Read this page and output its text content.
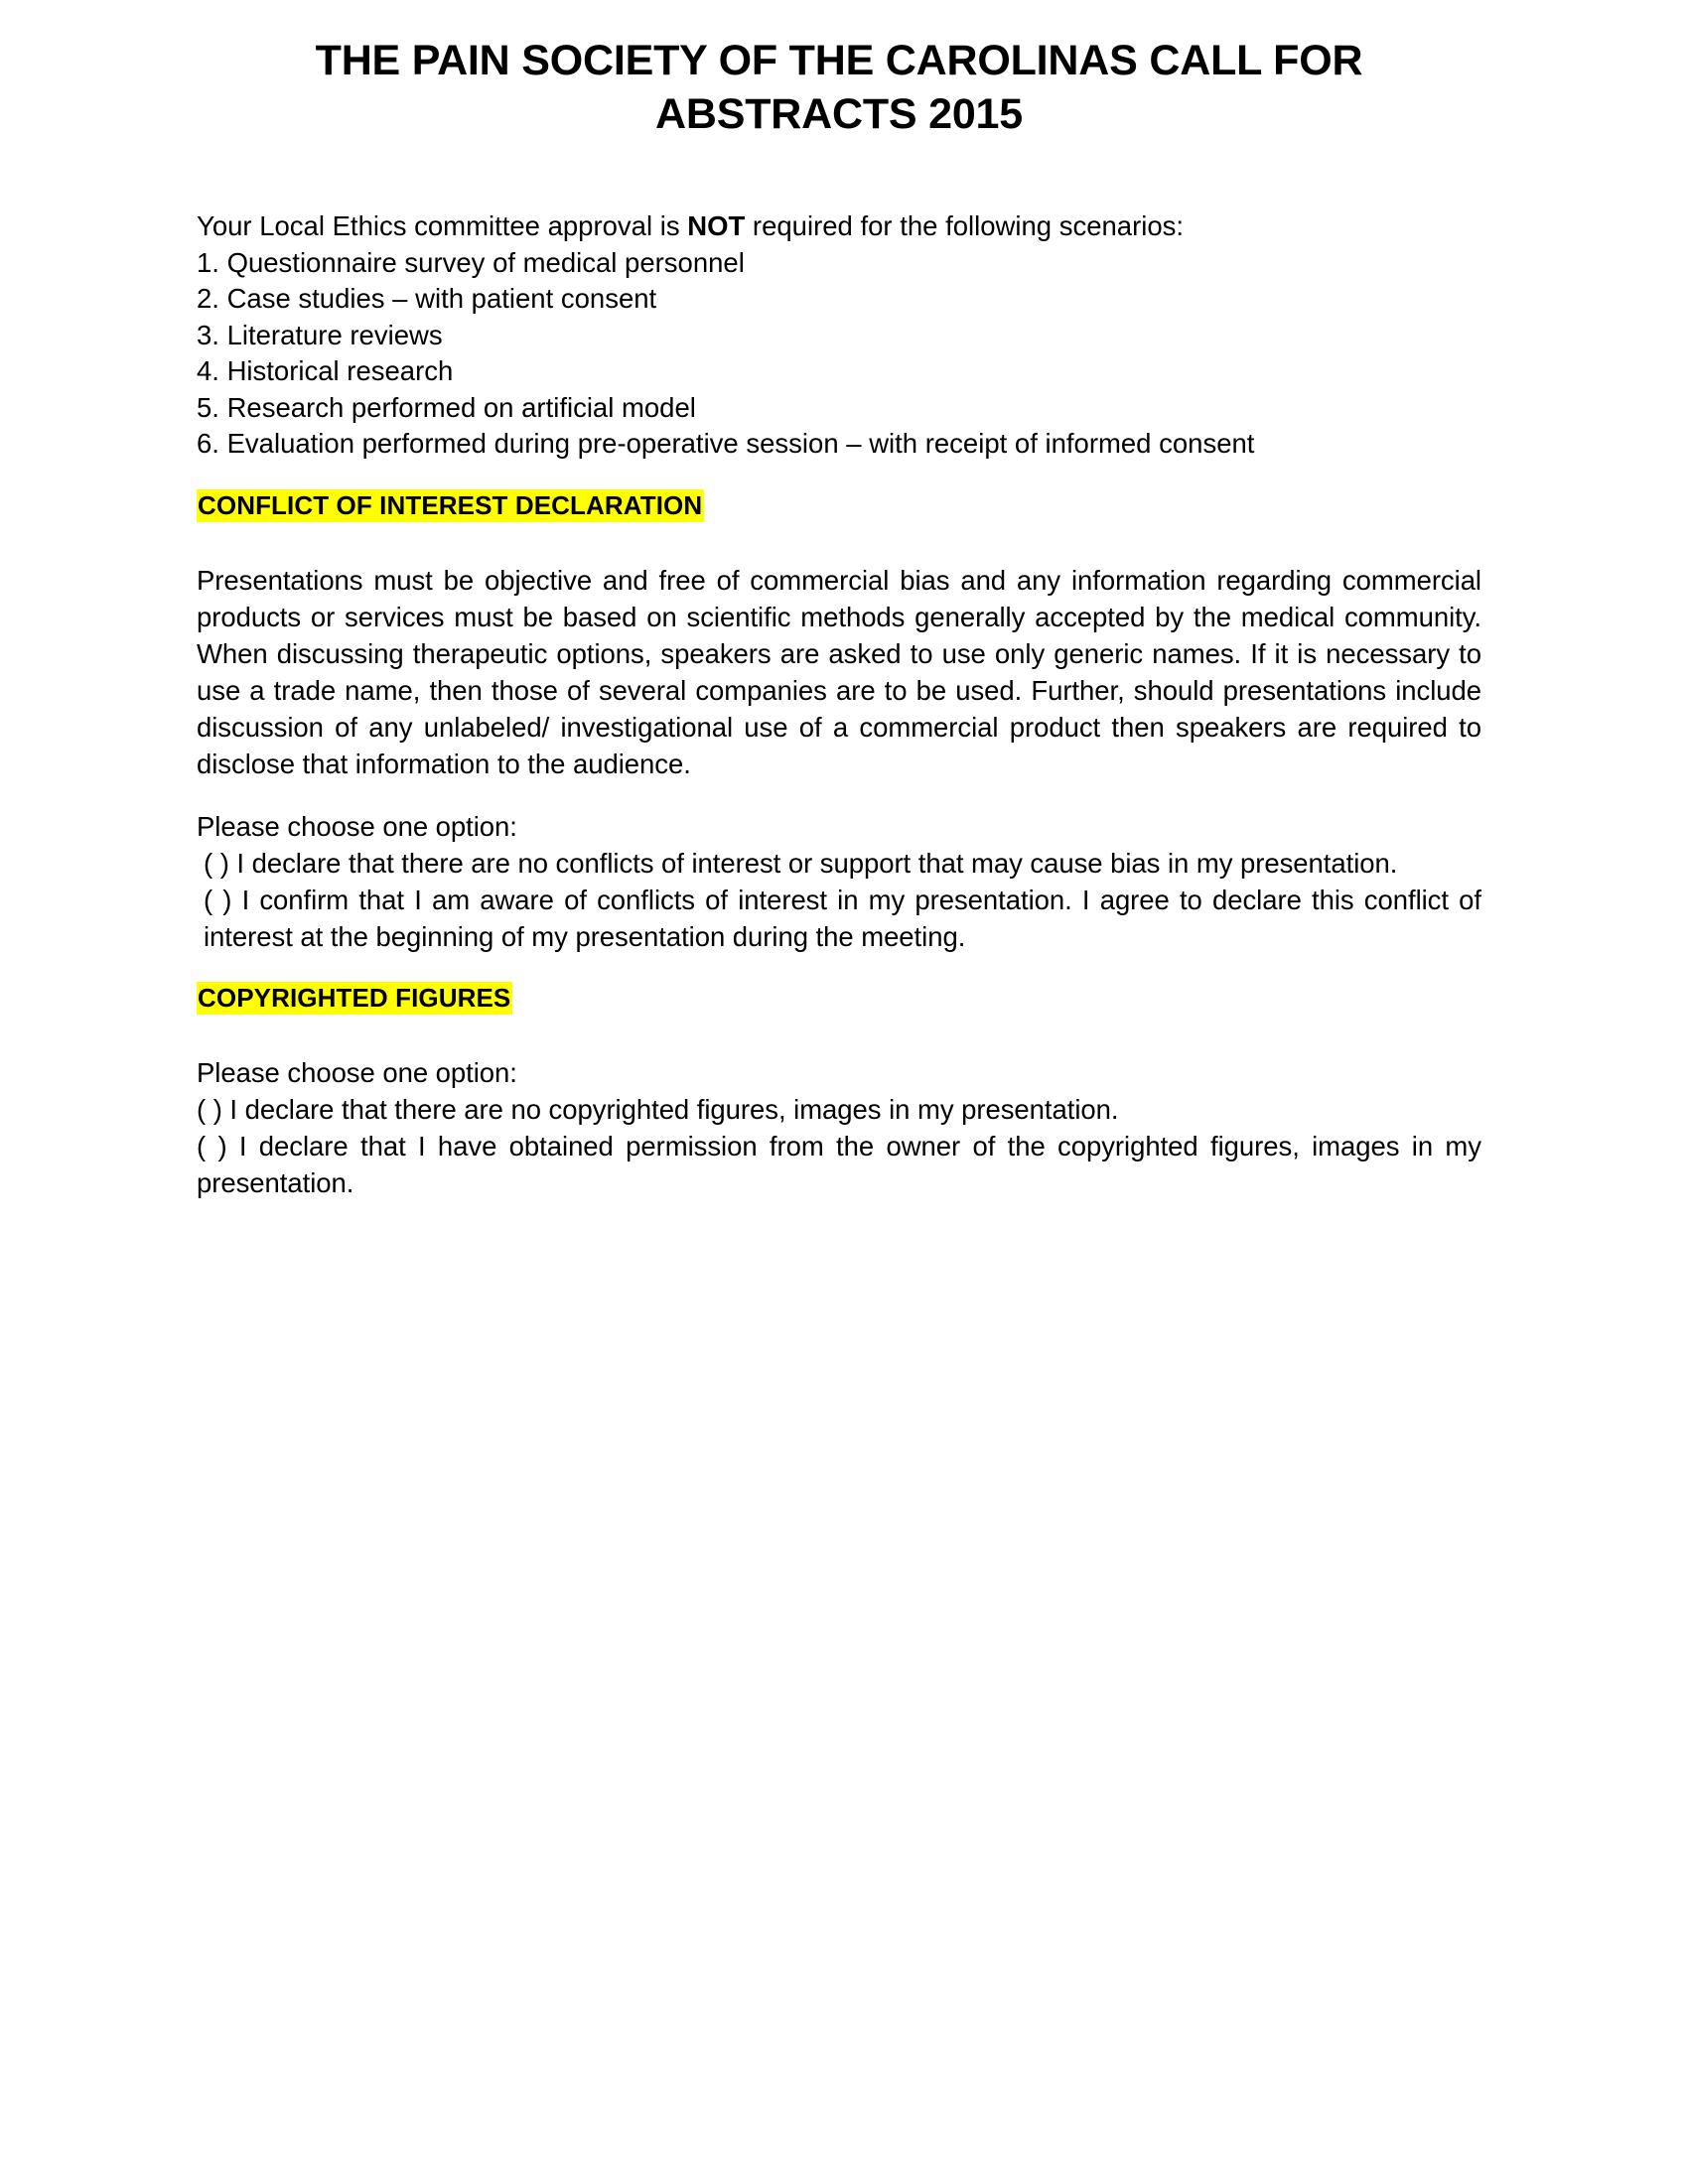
THE PAIN SOCIETY OF THE CAROLINAS CALL FOR
ABSTRACTS 2015
Your Local Ethics committee approval is NOT required for the following scenarios:
1. Questionnaire survey of medical personnel
2. Case studies – with patient consent
3. Literature reviews
4. Historical research
5. Research performed on artificial model
6. Evaluation performed during pre-operative session – with receipt of informed consent
CONFLICT OF INTEREST DECLARATION
Presentations must be objective and free of commercial bias and any information regarding commercial products or services must be based on scientific methods generally accepted by the medical community. When discussing therapeutic options, speakers are asked to use only generic names. If it is necessary to use a trade name, then those of several companies are to be used. Further, should presentations include discussion of any unlabeled/ investigational use of a commercial product then speakers are required to disclose that information to the audience.
Please choose one option:
( ) I declare that there are no conflicts of interest or support that may cause bias in my presentation.
( ) I confirm that I am aware of conflicts of interest in my presentation. I agree to declare this conflict of interest at the beginning of my presentation during the meeting.
COPYRIGHTED FIGURES
Please choose one option:
( ) I declare that there are no copyrighted figures, images in my presentation.
( ) I declare that I have obtained permission from the owner of the copyrighted figures, images in my presentation.
